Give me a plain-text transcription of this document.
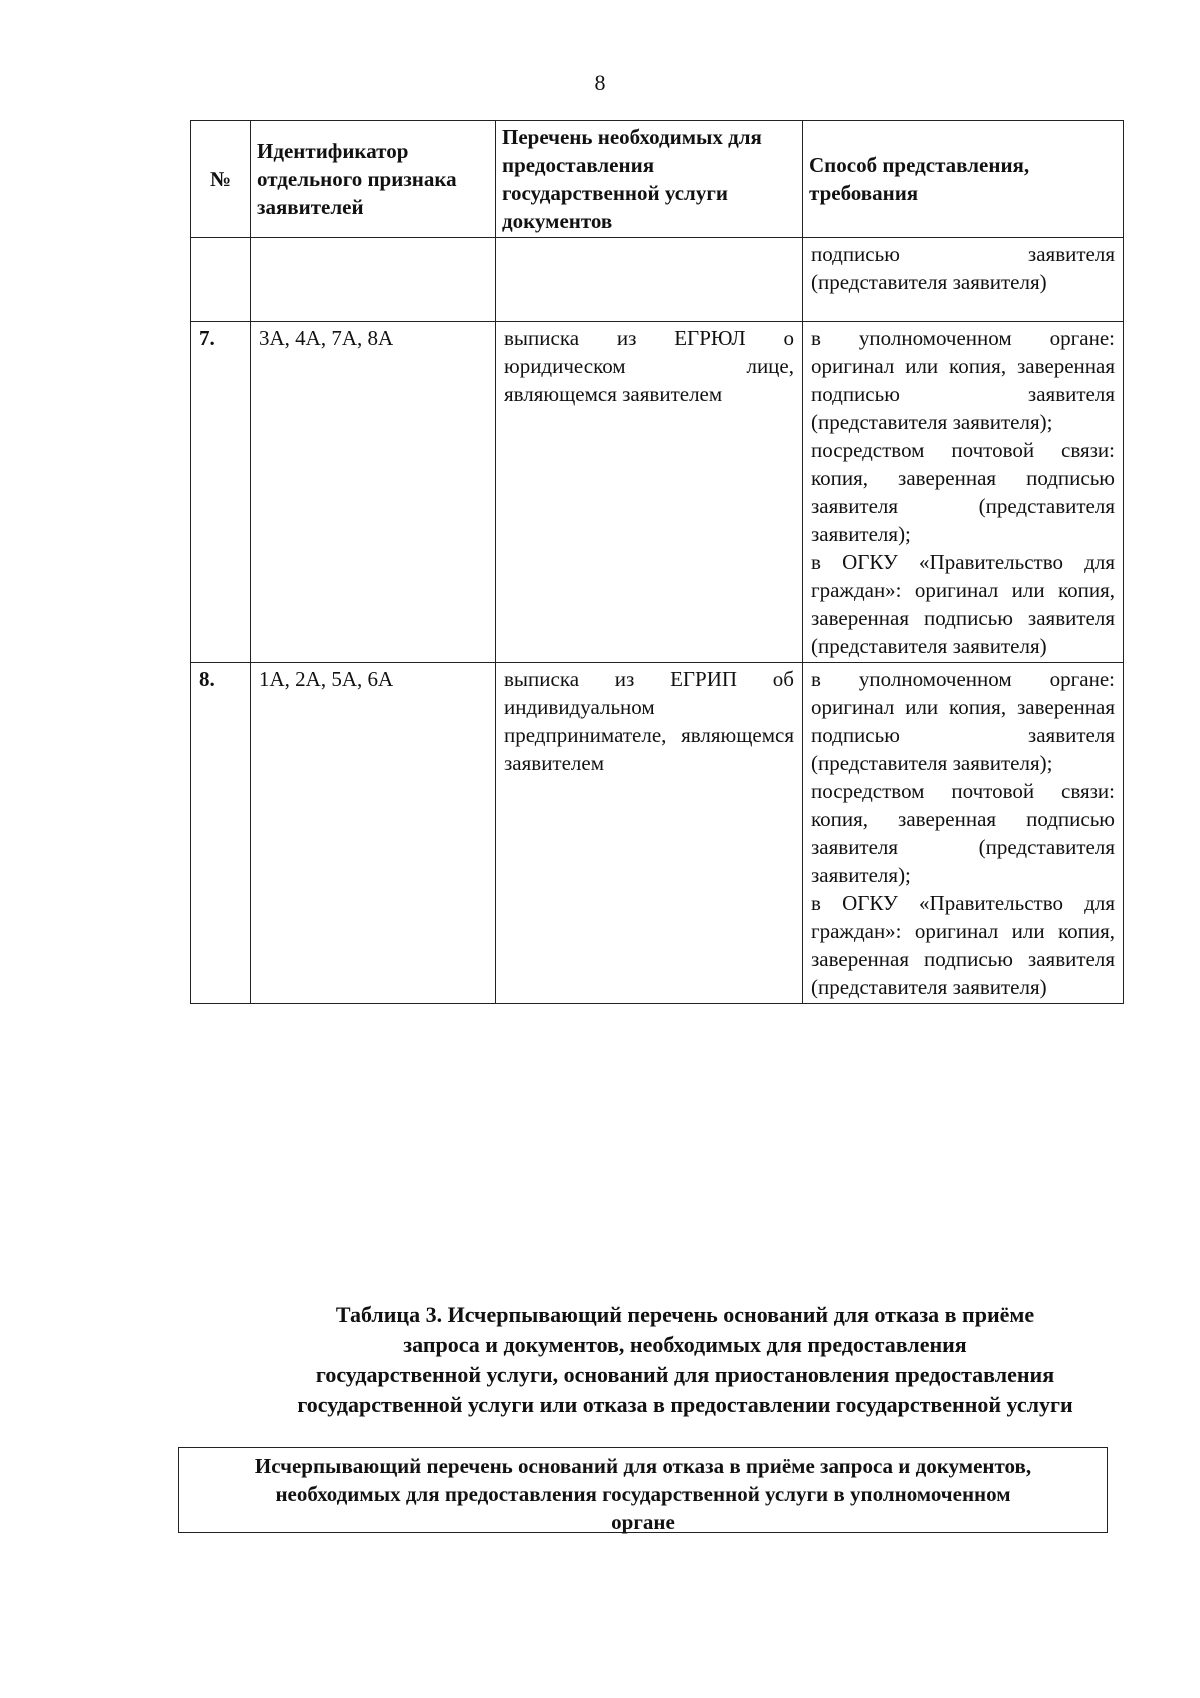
8
№	Идентификатор отдельного признака заявителей	Перечень необходимых для предоставления государственной услуги документов	Способ представления, требования
			подписью заявителя (представителя заявителя)
7.	3А, 4А, 7А, 8А	выписка из ЕГРЮЛ о юридическом лице, являющемся заявителем	в уполномоченном органе: оригинал или копия, заверенная подписью заявителя (представителя заявителя);
посредством почтовой связи: копия, заверенная подписью заявителя (представителя заявителя);
в ОГКУ «Правительство для граждан»: оригинал или копия, заверенная подписью заявителя (представителя заявителя)

8.	1А, 2А, 5А, 6А	выписка из ЕГРИП об индивидуальном предпринимателе, являющемся заявителем	в уполномоченном органе: оригинал или копия, заверенная подписью заявителя (представителя заявителя);
посредством почтовой связи: копия, заверенная подписью заявителя (представителя заявителя);
в ОГКУ «Правительство для граждан»: оригинал или копия, заверенная подписью заявителя (представителя заявителя)
Таблица 3. Исчерпывающий перечень оснований для отказа в приёме
запроса и документов, необходимых для предоставления
государственной услуги, оснований для приостановления предоставления
государственной услуги или отказа в предоставлении государственной услуги
Исчерпывающий перечень оснований для отказа в приёме запроса и документов,
необходимых для предоставления государственной услуги в уполномоченном
органе
